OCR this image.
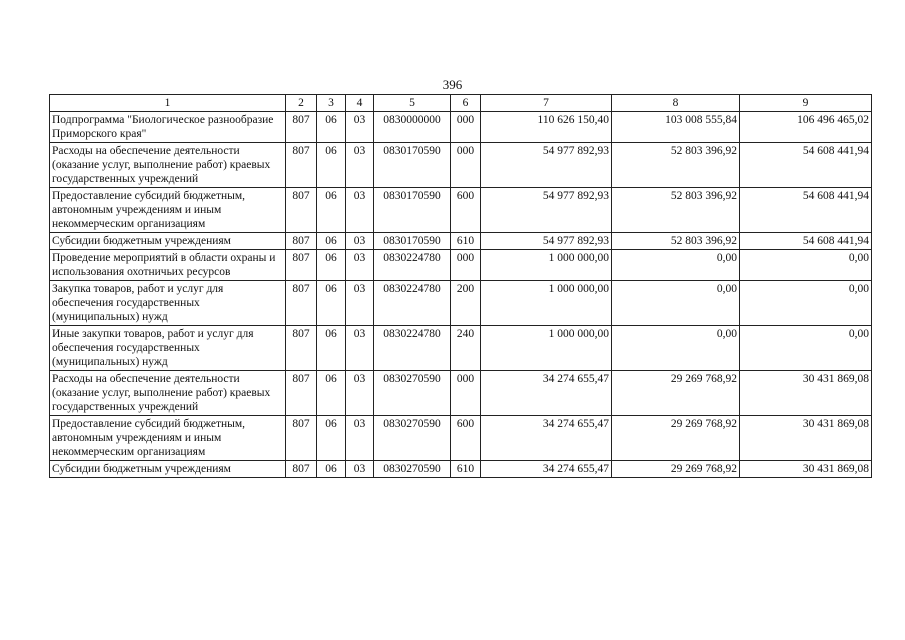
396
1	2	3	4	5	6	7	8	9
Подпрограмма "Биологическое разнообразие Приморского края"	807	06	03	0830000000	000	110 626 150,40	103 008 555,84	106 496 465,02
Расходы на обеспечение деятельности (оказание услуг, выполнение работ) краевых государственных учреждений	807	06	03	0830170590	000	54 977 892,93	52 803 396,92	54 608 441,94
Предоставление субсидий бюджетным, автономным учреждениям и иным некоммерческим организациям	807	06	03	0830170590	600	54 977 892,93	52 803 396,92	54 608 441,94
Субсидии бюджетным учреждениям	807	06	03	0830170590	610	54 977 892,93	52 803 396,92	54 608 441,94
Проведение мероприятий в области охраны и использования охотничьих ресурсов	807	06	03	0830224780	000	1 000 000,00	0,00	0,00
Закупка товаров, работ и услуг для обеспечения государственных (муниципальных) нужд	807	06	03	0830224780	200	1 000 000,00	0,00	0,00
Иные закупки товаров, работ и услуг для обеспечения государственных (муниципальных) нужд	807	06	03	0830224780	240	1 000 000,00	0,00	0,00
Расходы на обеспечение деятельности (оказание услуг, выполнение работ) краевых государственных учреждений	807	06	03	0830270590	000	34 274 655,47	29 269 768,92	30 431 869,08
Предоставление субсидий бюджетным, автономным учреждениям и иным некоммерческим организациям	807	06	03	0830270590	600	34 274 655,47	29 269 768,92	30 431 869,08
Субсидии бюджетным учреждениям	807	06	03	0830270590	610	34 274 655,47	29 269 768,92	30 431 869,08
